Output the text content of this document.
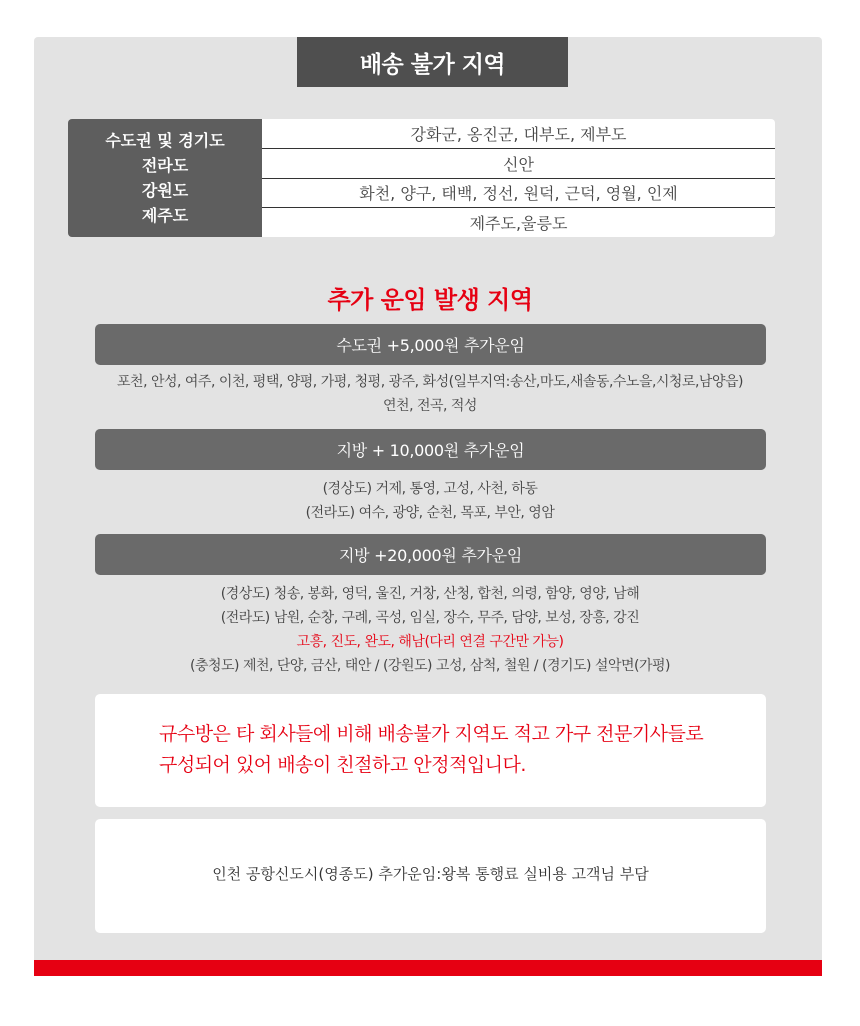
배송 불가 지역
수도권 및 경기도
전라도
강원도
제주도
강화군, 옹진군, 대부도, 제부도
신안
화천, 양구, 태백, 정선, 원덕, 근덕, 영월, 인제
제주도,울릉도
추가 운임 발생 지역
수도권 +5,000원 추가운임
포천, 안성, 여주, 이천, 평택, 양평, 가평, 청평, 광주, 화성(일부지역:송산,마도,새솔동,수노을,시청로,남양읍)
연천, 전곡, 적성
지방 + 10,000원 추가운임
(경상도) 거제, 통영, 고성, 사천, 하동
(전라도) 여수, 광양, 순천, 목포, 부안, 영암
지방 +20,000원 추가운임
(경상도) 청송, 봉화, 영덕, 울진, 거창, 산청, 합천, 의령, 함양, 영양, 남해
(전라도) 남원, 순창, 구례, 곡성, 임실, 장수, 무주, 담양, 보성, 장흥, 강진
고흥, 진도, 완도, 해남(다리 연결 구간만 가능)
(충청도) 제천, 단양, 금산, 태안 / (강원도) 고성, 삼척, 철원 / (경기도) 설악면(가평)
규수방은 타 회사들에 비해 배송불가 지역도 적고 가구 전문기사들로
구성되어 있어 배송이 친절하고 안정적입니다.
인천 공항신도시(영종도) 추가운임:왕복 통행료 실비용 고객님 부담
